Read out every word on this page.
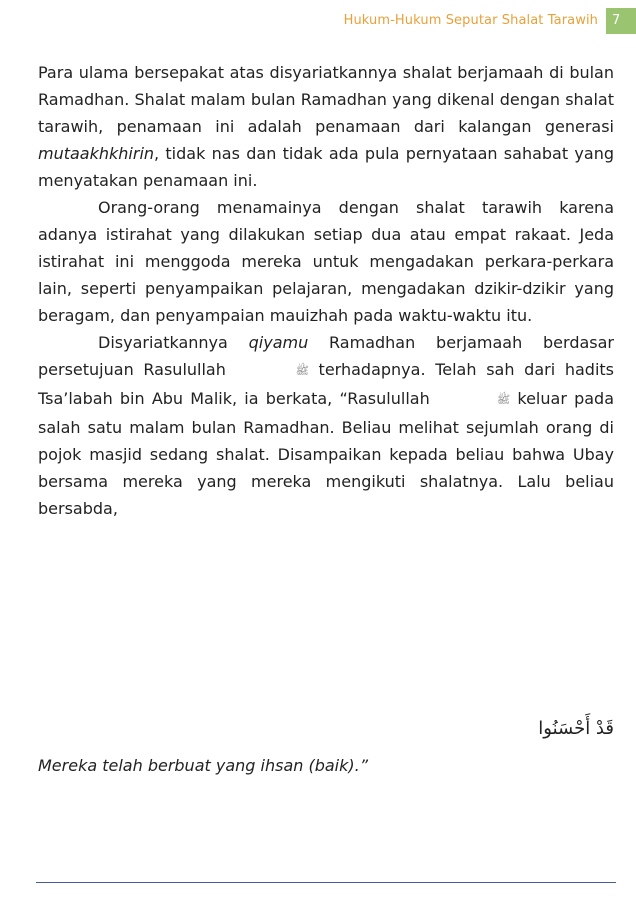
Hukum-Hukum Seputar Shalat Tarawih	7

Para ulama bersepakat atas disyariatkannya shalat berjamaah di bulan Ramadhan. Shalat malam bulan Ramadhan yang dikenal dengan shalat tarawih, penamaan ini adalah penamaan dari kalangan generasi mutaakhkhirin, tidak nas dan tidak ada pula pernyataan sahabat yang menyatakan penamaan ini.

Orang-orang menamainya dengan shalat tarawih karena adanya istirahat yang dilakukan setiap dua atau empat rakaat. Jeda istirahat ini menggoda mereka untuk mengadakan perkara-perkara lain, seperti penyampaikan pelajaran, mengadakan dzikir-dzikir yang beragam, dan penyampaian mauizhah pada waktu-waktu itu.

Disyariatkannya qiyamu Ramadhan berjamaah berdasar persetujuan Rasulullah	ﷺ terhadapnya. Telah sah dari hadits Tsa’labah bin Abu Malik, ia berkata, “Rasulullah	ﷺ keluar pada salah satu malam bulan Ramadhan. Beliau melihat sejumlah orang di pojok masjid sedang shalat. Disampaikan kepada beliau bahwa Ubay bersama mereka yang mereka mengikuti shalatnya. Lalu beliau bersabda,

قَدْ أَحْسَنُوا
Mereka telah berbuat yang ihsan (baik).”
